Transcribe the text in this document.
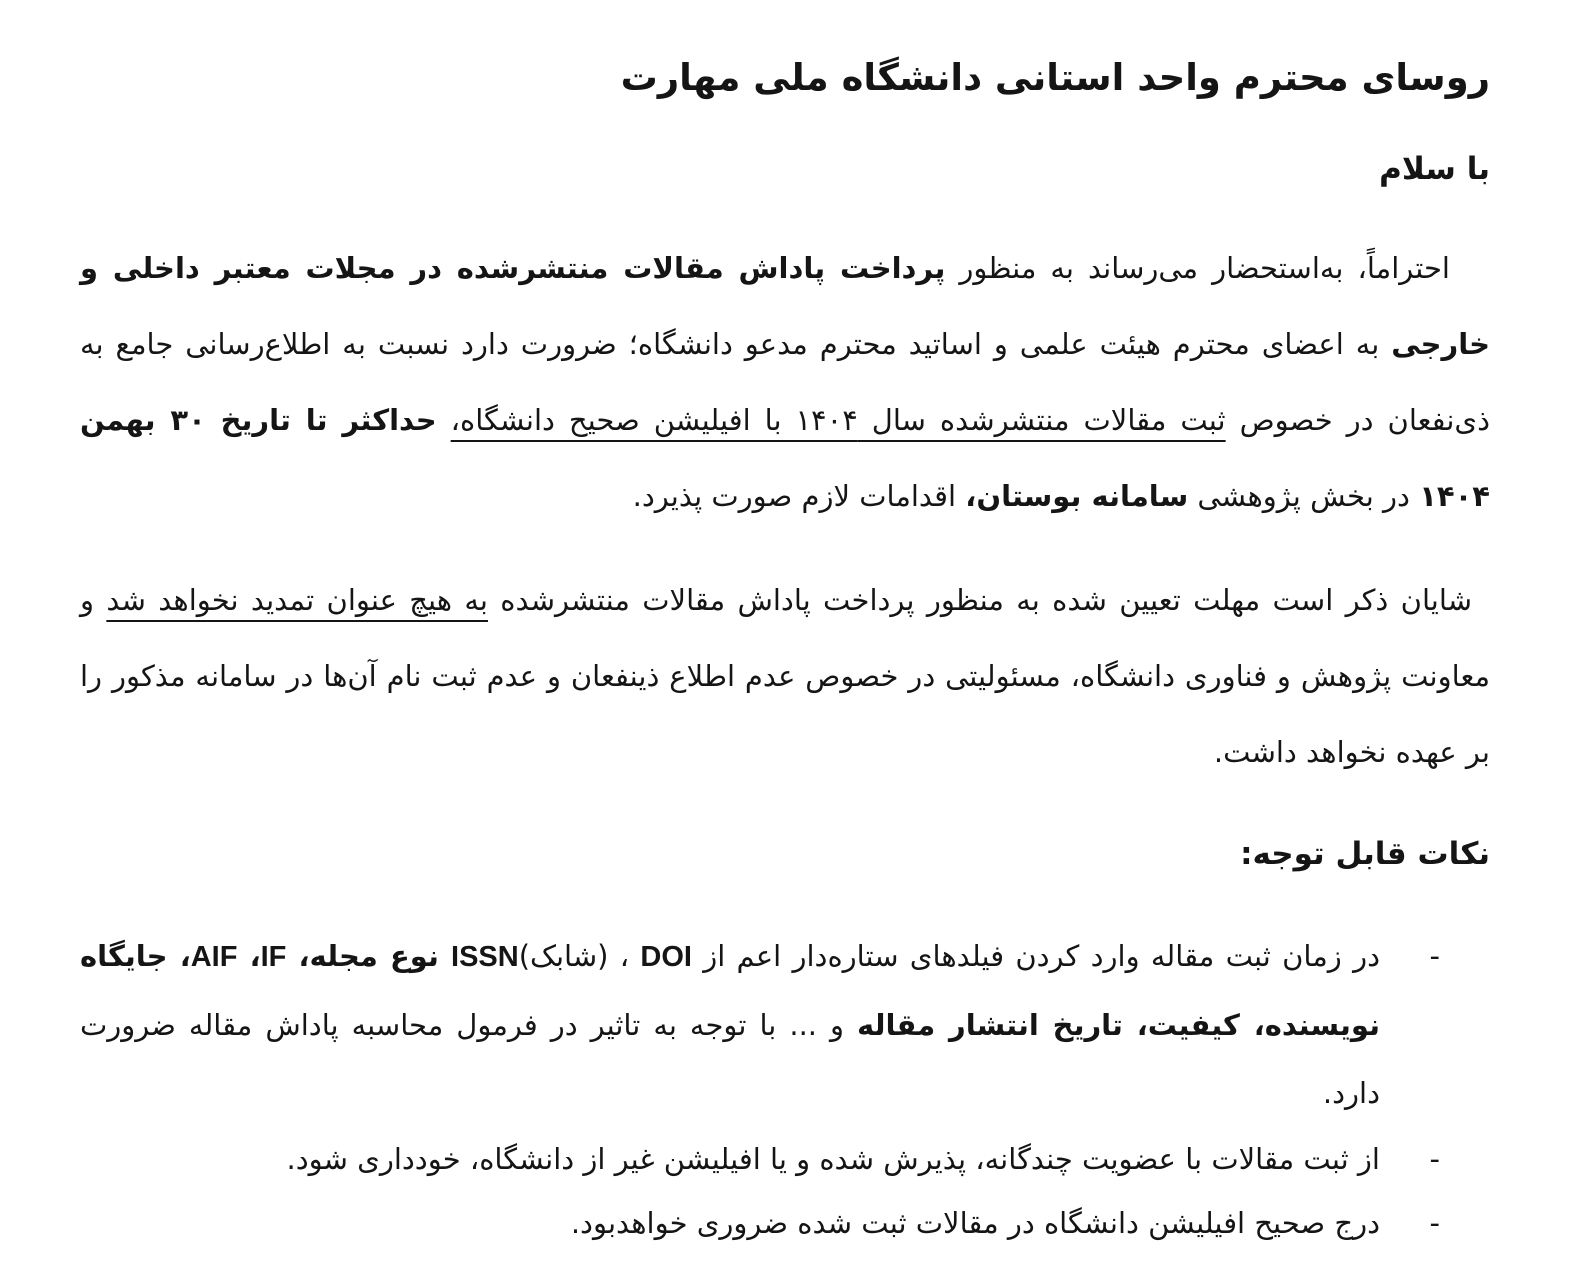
روسای محترم واحد استانی دانشگاه ملی مهارت

با سلام

احتراماً، به‌استحضار می‌رساند به منظور پرداخت پاداش مقالات منتشرشده در مجلات معتبر داخلی و خارجی به اعضای محترم هیئت علمی و اساتید محترم مدعو دانشگاه؛ ضرورت دارد نسبت به اطلاع‌رسانی جامع به ذی‌نفعان در خصوص ثبت مقالات منتشرشده سال ۱۴۰۴ با افیلیشن صحیح دانشگاه، حداکثر تا تاریخ ۳۰ بهمن ۱۴۰۴ در بخش پژوهشی سامانه بوستان، اقدامات لازم صورت پذیرد.

شایان ذکر است مهلت تعیین شده به منظور پرداخت پاداش مقالات منتشرشده به هیچ عنوان تمدید نخواهد شد و معاونت پژوهش و فناوری دانشگاه، مسئولیتی در خصوص عدم اطلاع ذینفعان و عدم ثبت نام آن‌ها در سامانه مذکور را بر عهده نخواهد داشت.

نکات قابل توجه:

-
در زمان ثبت مقاله وارد کردن فیلدهای ستاره‌دار اعم از DOI ، (شابک)ISSN نوع مجله، IF، AIF، جایگاه نویسنده، کیفیت، تاریخ انتشار مقاله و ... با توجه به تاثیر در فرمول محاسبه پاداش مقاله ضرورت دارد.
-
از ثبت مقالات با عضویت چندگانه، پذیرش شده و یا افیلیشن غیر از دانشگاه، خودداری شود.
-
درج صحیح افیلیشن دانشگاه در مقالات ثبت شده ضروری خواهدبود.
